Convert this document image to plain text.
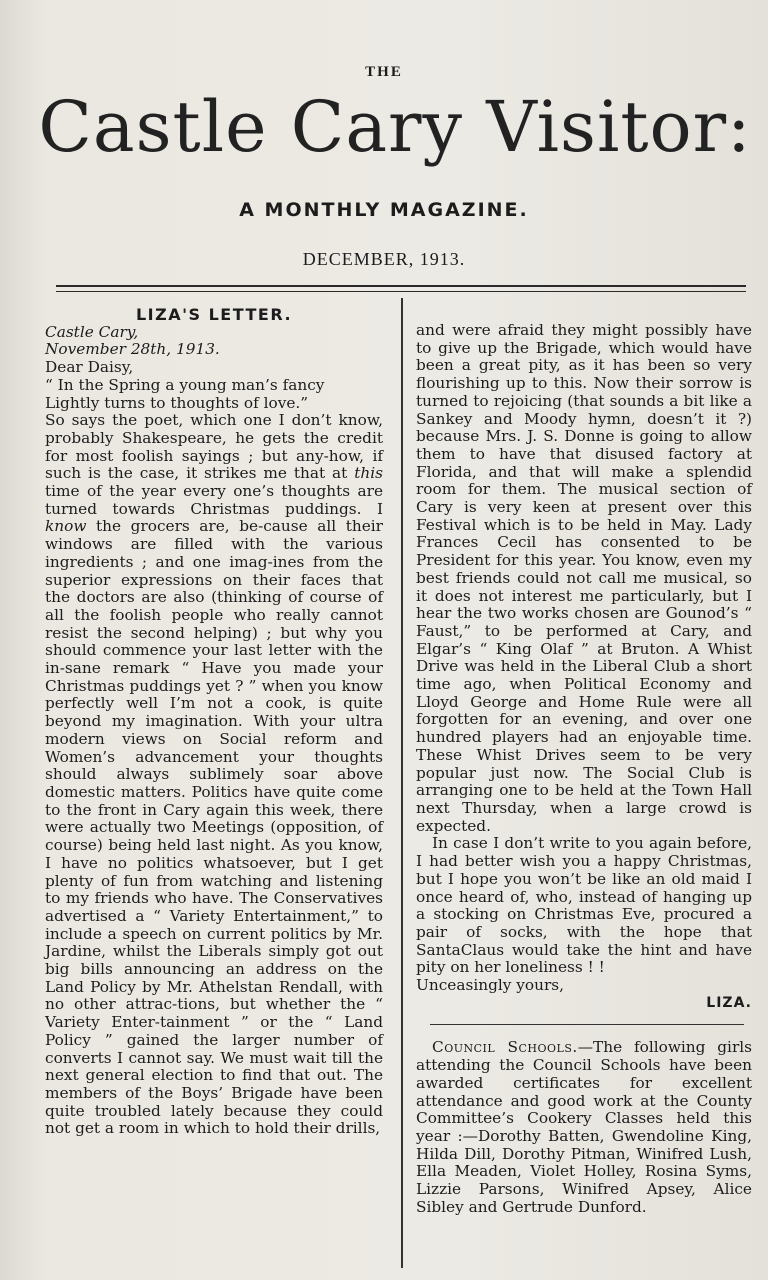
THE
Castle Cary Visitor:
A MONTHLY MAGAZINE.
DECEMBER, 1913.

LIZA'S LETTER.

Castle Cary,

November 28th, 1913.

Dear Daisy,

“ In the Spring a young man’s fancy

Lightly turns to thoughts of love.”

So says the poet, which one I don’t know, probably Shakespeare, he gets the credit for most foolish sayings ; but any-how, if such is the case, it strikes me that at this time of the year every one’s thoughts are turned towards Christmas puddings. I know the grocers are, be-cause all their windows are filled with the various ingredients ; and one imag-ines from the superior expressions on their faces that the doctors are also (thinking of course of all the foolish people who really cannot resist the second helping) ; but why you should commence your last letter with the in-sane remark “ Have you made your Christmas puddings yet ? ” when you know perfectly well I’m not a cook, is quite beyond my imagination. With your ultra modern views on Social reform and Women’s advancement your thoughts should always sublimely soar above domestic matters. Politics have quite come to the front in Cary again this week, there were actually two Meetings (opposition, of course) being held last night. As you know, I have no politics whatsoever, but I get plenty of fun from watching and listening to my friends who have. The Conservatives advertised a “ Variety Entertainment,” to include a speech on current politics by Mr. Jardine, whilst the Liberals simply got out big bills announcing an address on the Land Policy by Mr. Athelstan Rendall, with no other attrac-tions, but whether the “ Variety Enter-tainment ” or the “ Land Policy ” gained the larger number of converts I cannot say. We must wait till the next general election to find that out. The members of the Boys’ Brigade have been quite troubled lately because they could not get a room in which to hold their drills,

and were afraid they might possibly have to give up the Brigade, which would have been a great pity, as it has been so very flourishing up to this. Now their sorrow is turned to rejoicing (that sounds a bit like a Sankey and Moody hymn, doesn’t it ?) because Mrs. J. S. Donne is going to allow them to have that disused factory at Florida, and that will make a splendid room for them. The musical section of Cary is very keen at present over this Festival which is to be held in May. Lady Frances Cecil has consented to be President for this year. You know, even my best friends could not call me musical, so it does not interest me particularly, but I hear the two works chosen are Gounod’s “ Faust,” to be performed at Cary, and Elgar’s “ King Olaf ” at Bruton. A Whist Drive was held in the Liberal Club a short time ago, when Political Economy and Lloyd George and Home Rule were all forgotten for an evening, and over one hundred players had an enjoyable time. These Whist Drives seem to be very popular just now. The Social Club is arranging one to be held at the Town Hall next Thursday, when a large crowd is expected.

In case I don’t write to you again before, I had better wish you a happy Christmas, but I hope you won’t be like an old maid I once heard of, who, instead of hanging up a stocking on Christmas Eve, procured a pair of socks, with the hope that SantaClaus would take the hint and have pity on her loneliness ! !

Unceasingly yours,

LIZA.

Council Schools.—The following girls attending the Council Schools have been awarded certificates for excellent attendance and good work at the County Committee’s Cookery Classes held this year :—Dorothy Batten, Gwendoline King, Hilda Dill, Dorothy Pitman, Winifred Lush, Ella Meaden, Violet Holley, Rosina Syms, Lizzie Parsons, Winifred Apsey, Alice Sibley and Gertrude Dunford.
